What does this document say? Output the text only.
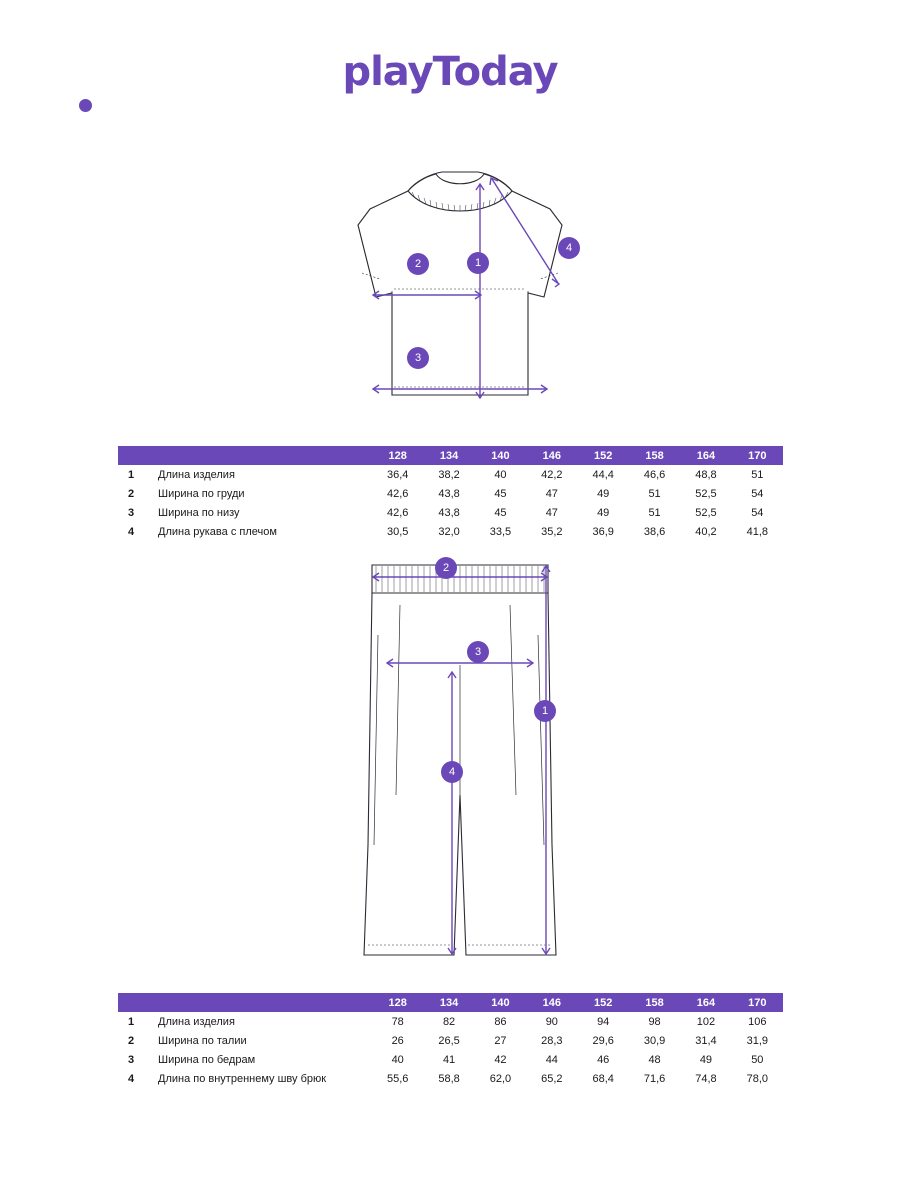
playToday
1
2
3
4
128	134	140	146	152	158	164	170
1	Длина изделия	36,4	38,2	40	42,2	44,4	46,6	48,8	51
2	Ширина по груди	42,6	43,8	45	47	49	51	52,5	54
3	Ширина по низу	42,6	43,8	45	47	49	51	52,5	54
4	Длина рукава с плечом	30,5	32,0	33,5	35,2	36,9	38,6	40,2	41,8
2
3
1
4
128	134	140	146	152	158	164	170
1	Длина изделия	78	82	86	90	94	98	102	106
2	Ширина по талии	26	26,5	27	28,3	29,6	30,9	31,4	31,9
3	Ширина по бедрам	40	41	42	44	46	48	49	50
4	Длина по внутреннему шву брюк	55,6	58,8	62,0	65,2	68,4	71,6	74,8	78,0
